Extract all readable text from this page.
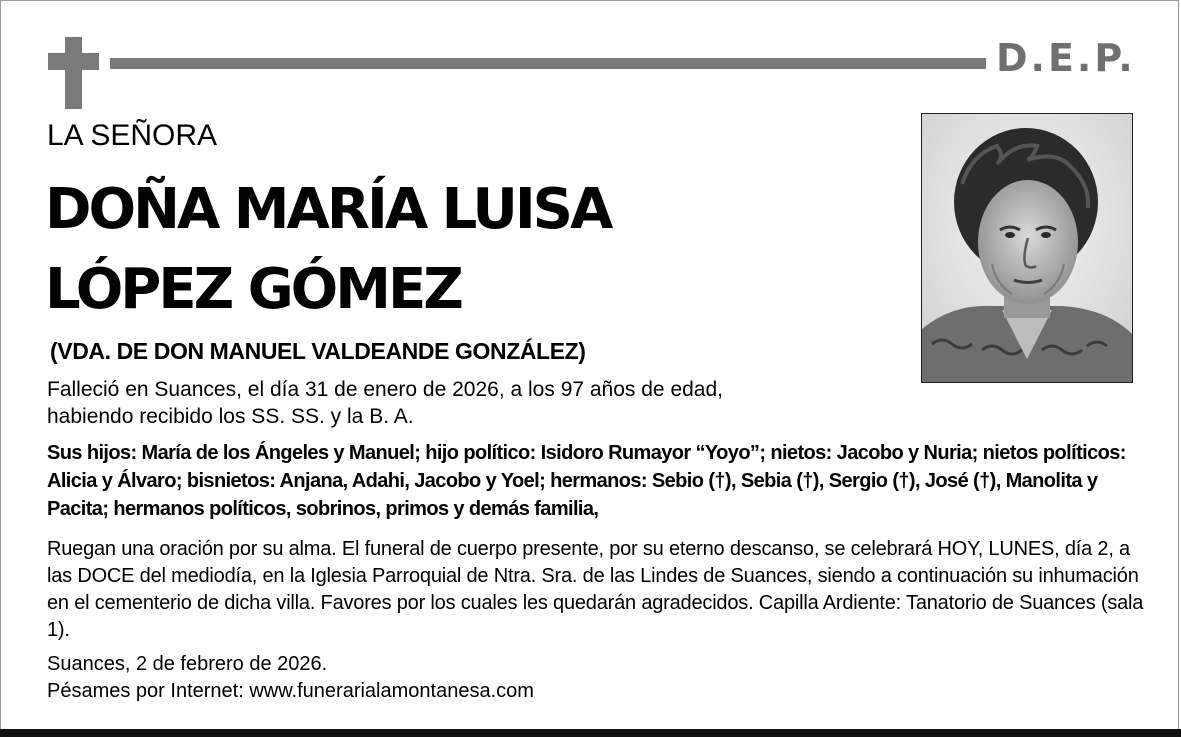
D.E.P.
LA SEÑORA
DOÑA MARÍA LUISA
LÓPEZ GÓMEZ
(VDA. DE DON MANUEL VALDEANDE GONZÁLEZ)
Falleció en Suances, el día 31 de enero de 2026, a los 97 años de edad,
habiendo recibido los SS. SS. y la B. A.
Sus hijos: María de los Ángeles y Manuel; hijo político: Isidoro Rumayor “Yoyo”; nietos: Jacobo y Nuria; nietos políticos: Alicia y Álvaro; bisnietos: Anjana, Adahi, Jacobo y Yoel; hermanos: Sebio (†), Sebia (†), Sergio (†), José (†), Manolita y Pacita; hermanos políticos, sobrinos, primos y demás familia,
Ruegan una oración por su alma. El funeral de cuerpo presente, por su eterno descanso, se celebrará HOY, LUNES, día 2, a las DOCE del mediodía, en la Iglesia Parroquial de Ntra. Sra. de las Lindes de Suances, siendo a continuación su inhumación en el cementerio de dicha villa. Favores por los cuales les quedarán agradecidos. Capilla Ardiente: Tanatorio de Suances (sala 1).
Suances, 2 de febrero de 2026.
Pésames por Internet: www.funerarialamontanesa.com
